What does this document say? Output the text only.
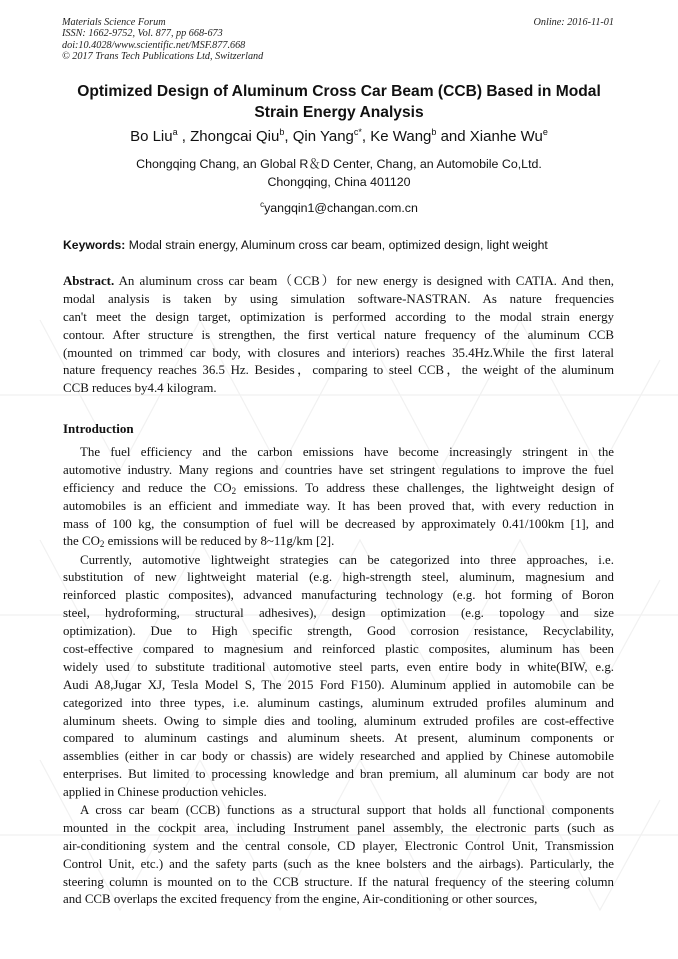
Materials Science Forum
ISSN: 1662-9752, Vol. 877, pp 668-673
doi:10.4028/www.scientific.net/MSF.877.668
© 2017 Trans Tech Publications Ltd, Switzerland
Online: 2016-11-01
Optimized Design of Aluminum Cross Car Beam (CCB) Based in Modal
Strain Energy Analysis
Bo Liu$^a$ , Zhongcai Qiu$^b$, Qin Yang$^{c*}$, Ke Wang$^b$ and Xianhe Wu$^e$
Chongqing Chang, an Global R＆D Center, Chang, an Automobile Co,Ltd.
Chongqing, China 401120
$^c$yangqin1@changan.com.cn
Keywords: Modal strain energy, Aluminum cross car beam, optimized design, light weight
Abstract. An aluminum cross car beam（CCB）for new energy is designed with CATIA. And then,
modal analysis is taken by using simulation software-NASTRAN. As nature frequencies
can't meet the design target, optimization is performed according to the modal strain energy
contour. After structure is strengthen, the first vertical nature frequency of the aluminum CCB
(mounted on trimmed car body, with closures and interiors) reaches 35.4Hz.While the first lateral
nature frequency reaches 36.5 Hz. Besides，comparing to steel CCB，the weight of the aluminum
CCB reduces by4.4 kilogram.
Introduction
The fuel efficiency and the carbon emissions have become increasingly stringent in the
automotive industry. Many regions and countries have set stringent regulations to improve the fuel
efficiency and reduce the $CO_2$ emissions. To address these challenges, the lightweight design of
automobiles is an efficient and immediate way. It has been proved that, with every reduction in
mass of 100 kg, the consumption of fuel will be decreased by approximately 0.41/100km [1], and
the $CO_2$ emissions will be reduced by 8~11g/km [2].
Currently, automotive lightweight strategies can be categorized into three approaches, i.e.
substitution of new lightweight material (e.g. high-strength steel, aluminum, magnesium and
reinforced plastic composites), advanced manufacturing technology (e.g. hot forming of Boron
steel, hydroforming, structural adhesives), design optimization (e.g. topology and size
optimization). Due to High specific strength, Good corrosion resistance, Recyclability,
cost-effective compared to magnesium and reinforced plastic composites, aluminum has been
widely used to substitute traditional automotive steel parts, even entire body in white(BIW, e.g.
Audi A8,Jugar XJ, Tesla Model S, The 2015 Ford F150). Aluminum applied in automobile can be
categorized into three types, i.e. aluminum castings, aluminum extruded profiles aluminum and
aluminum sheets. Owing to simple dies and tooling, aluminum extruded profiles are cost-effective
compared to aluminum castings and aluminum sheets. At present, aluminum components or
assemblies (either in car body or chassis) are widely researched and applied by Chinese automobile
enterprises. But limited to processing knowledge and bran premium, all aluminum car body are not
applied in Chinese production vehicles.
A cross car beam (CCB) functions as a structural support that holds all functional components
mounted in the cockpit area, including Instrument panel assembly, the electronic parts (such as
air-conditioning system and the central console, CD player, Electronic Control Unit, Transmission
Control Unit, etc.) and the safety parts (such as the knee bolsters and the airbags). Particularly, the
steering column is mounted on to the CCB structure. If the natural frequency of the steering column
and CCB overlaps the excited frequency from the engine, Air-conditioning or other sources,
